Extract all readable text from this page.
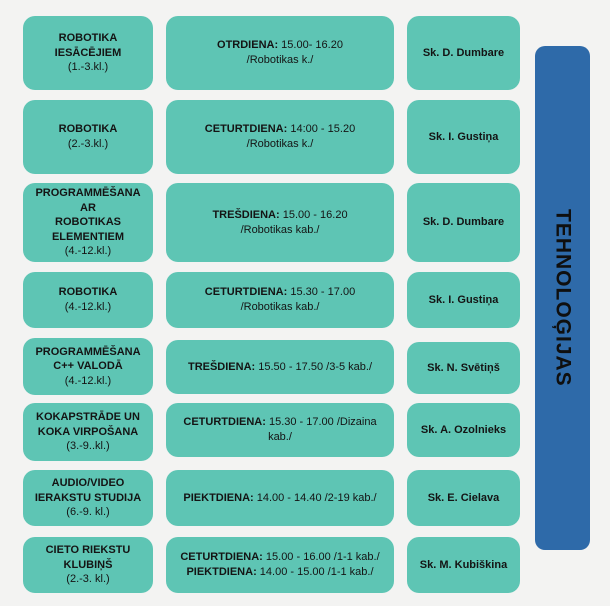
ROBOTIKA IESĀCĒJIEM
(1.-3.kl.)
OTRDIENA: 15.00- 16.20
/Robotikas k./
Sk. D. Dumbare
ROBOTIKA
(2.-3.kl.)
CETURTDIENA: 14:00 - 15.20
/Robotikas k./
Sk. I. Gustiņa
PROGRAMMĒŠANA AR
ROBOTIKAS ELEMENTIEM
(4.-12.kl.)
TREŠDIENA: 15.00 - 16.20
/Robotikas kab./
Sk. D. Dumbare
ROBOTIKA
(4.-12.kl.)
CETURTDIENA: 15.30 - 17.00
/Robotikas kab./
Sk. I. Gustiņa
PROGRAMMĒŠANA
C++ VALODĀ
(4.-12.kl.)
TREŠDIENA: 15.50 - 17.50 /3-5 kab./	Sk. N. Svētiņš
KOKAPSTRĀDE UN
KOKA VIRPOŠANA
(3.-9..kl.)
CETURTDIENA: 15.30 - 17.00 /Dizaina kab./
Sk. A. Ozolnieks
AUDIO/VIDEO
IERAKSTU STUDIJA
(6.-9. kl.)
PIEKTDIENA: 14.00 - 14.40 /2-19 kab./	Sk. E. Cielava
CIETO RIEKSTU
KLUBIŅŠ
(2.-3. kl.)
CETURTDIENA: 15.00 - 16.00 /1-1 kab./
PIEKTDIENA: 14.00 - 15.00 /1-1 kab./
Sk. M. Kubiškina
TEHNOLOĢIJAS
